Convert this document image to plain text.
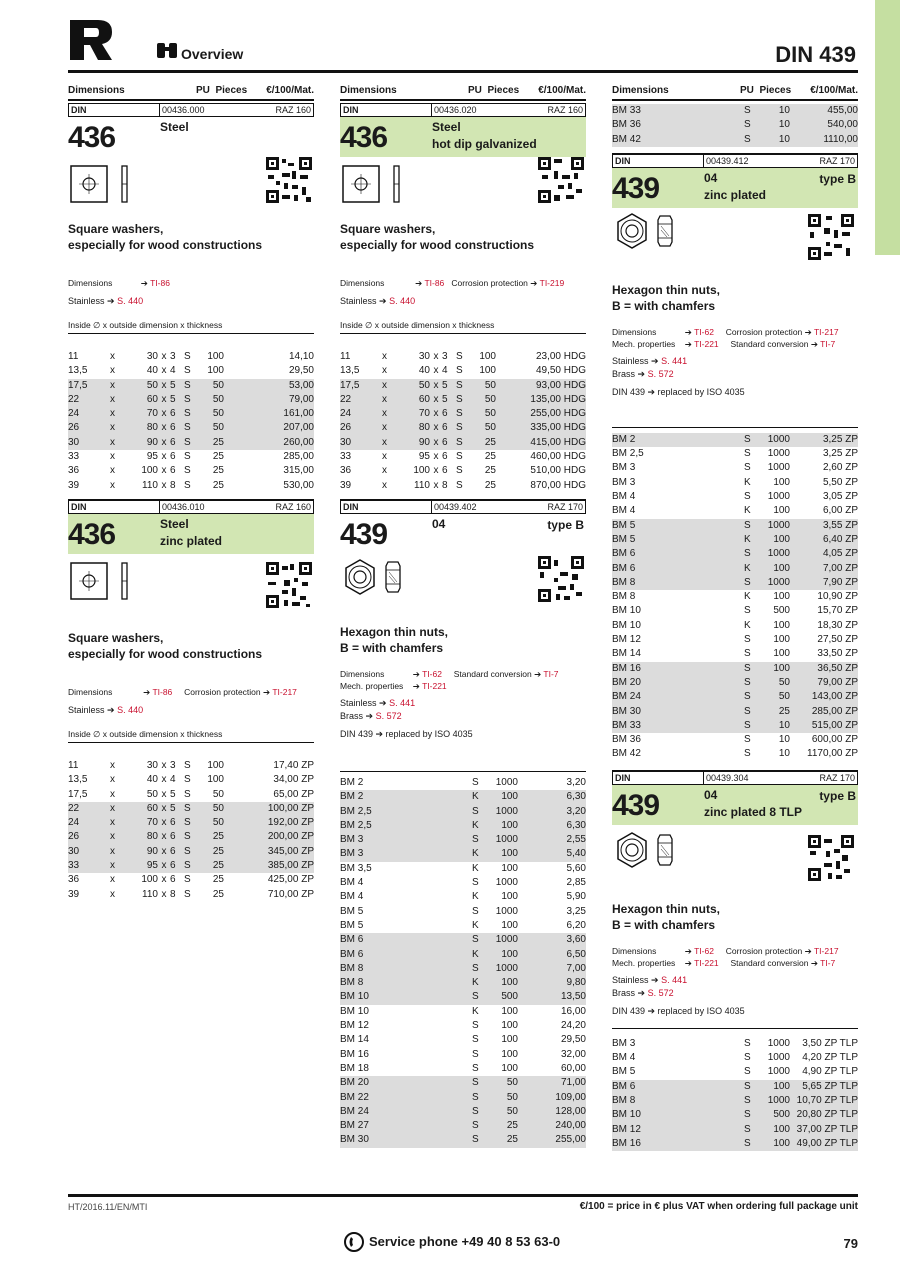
Overview	DIN 439
Dimensions	PU Pieces	€/100/Mat.
DIN	00436.000	RAZ 160
436	Steel
Square washers,
especially for wood constructions
Dimensions            ➔ TI-86
Stainless ➔ S. 440
Inside ∅ x outside dimension x thickness
11	x	30 x 3 S	100	14,10
13,5	x	40 x 4 S	100	29,50
17,5	x	50 x 5 S	50	53,00
22	x	60 x 5 S	50	79,00
24	x	70 x 6 S	50	161,00
26	x	80 x 6 S	50	207,00
30	x	90 x 6 S	25	260,00
33	x	95 x 6 S	25	285,00
36	x	100 x 6 S	25	315,00
39	x	110 x 8 S	25	530,00
DIN	00436.010	RAZ 160
436	Steel
zinc plated
Square washers,
especially for wood constructions
Dimensions             ➔ TI-86 Corrosion protection ➔ TI-217
Stainless ➔ S. 440
Inside ∅ x outside dimension x thickness
11	x	30 x 3 S	100	17,40 ZP
13,5	x	40 x 4 S	100	34,00 ZP
17,5	x	50 x 5 S	50	65,00 ZP
22	x	60 x 5 S	50	100,00 ZP
24	x	70 x 6 S	50	192,00 ZP
26	x	80 x 6 S	25	200,00 ZP
30	x	90 x 6 S	25	345,00 ZP
33	x	95 x 6 S	25	385,00 ZP
36	x	100 x 6 S	25	425,00 ZP
39	x	110 x 8 S	25	710,00 ZP
Dimensions	PU Pieces	€/100/Mat.
DIN	00436.020	RAZ 160
436	Steel
hot dip galvanized
Square washers,
especially for wood constructions
Dimensions             ➔ TI-86 Corrosion protection ➔ TI-219
Stainless ➔ S. 440
Inside ∅ x outside dimension x thickness
11	x	30 x 3 S	100	23,00 HDG
13,5	x	40 x 4 S	100	49,50 HDG
17,5	x	50 x 5 S	50	93,00 HDG
22	x	60 x 5 S	50	135,00 HDG
24	x	70 x 6 S	50	255,00 HDG
26	x	80 x 6 S	50	335,00 HDG
30	x	90 x 6 S	25	415,00 HDG
33	x	95 x 6 S	25	460,00 HDG
36	x	100 x 6 S	25	510,00 HDG
39	x	110 x 8 S	25	870,00 HDG
DIN	00439.402	RAZ 170
439	04	type B
Hexagon thin nuts,
B = with chamfers
Dimensions            ➔ TI-62 Standard conversion ➔ TI-7
Mech. properties    ➔ TI-221
Stainless ➔ S. 441
Brass ➔ S. 572
DIN 439 ➔ replaced by ISO 4035
BM 2	S	1000	3,20
BM 2	K	100	6,30
BM 2,5	S	1000	3,20
BM 2,5	K	100	6,30
BM 3	S	1000	2,55
BM 3	K	100	5,40
BM 3,5	K	100	5,60
BM 4	S	1000	2,85
BM 4	K	100	5,90
BM 5	S	1000	3,25
BM 5	K	100	6,20
BM 6	S	1000	3,60
BM 6	K	100	6,50
BM 8	S	1000	7,00
BM 8	K	100	9,80
BM 10	S	500	13,50
BM 10	K	100	16,00
BM 12	S	100	24,20
BM 14	S	100	29,50
BM 16	S	100	32,00
BM 18	S	100	60,00
BM 20	S	50	71,00
BM 22	S	50	109,00
BM 24	S	50	128,00
BM 27	S	25	240,00
BM 30	S	25	255,00
Dimensions	PU Pieces	€/100/Mat.
BM 33	S	10	455,00
BM 36	S	10	540,00
BM 42	S	10	1110,00
DIN	00439.412	RAZ 170
439	04
zinc plated
type B
Hexagon thin nuts,
B = with chamfers
Dimensions            ➔ TI-62 Corrosion protection ➔ TI-217
Mech. properties    ➔ TI-221 Standard conversion ➔ TI-7
Stainless ➔ S. 441
Brass ➔ S. 572
DIN 439 ➔ replaced by ISO 4035
BM 2	S	1000	3,25 ZP
BM 2,5	S	1000	3,25 ZP
BM 3	S	1000	2,60 ZP
BM 3	K	100	5,50 ZP
BM 4	S	1000	3,05 ZP
BM 4	K	100	6,00 ZP
BM 5	S	1000	3,55 ZP
BM 5	K	100	6,40 ZP
BM 6	S	1000	4,05 ZP
BM 6	K	100	7,00 ZP
BM 8	S	1000	7,90 ZP
BM 8	K	100	10,90 ZP
BM 10	S	500	15,70 ZP
BM 10	K	100	18,30 ZP
BM 12	S	100	27,50 ZP
BM 14	S	100	33,50 ZP
BM 16	S	100	36,50 ZP
BM 20	S	50	79,00 ZP
BM 24	S	50	143,00 ZP
BM 30	S	25	285,00 ZP
BM 33	S	10	515,00 ZP
BM 36	S	10	600,00 ZP
BM 42	S	10	1170,00 ZP
DIN	00439.304	RAZ 170
439	04
zinc plated 8 TLP
type B
Hexagon thin nuts,
B = with chamfers
Dimensions            ➔ TI-62 Corrosion protection ➔ TI-217
Mech. properties    ➔ TI-221 Standard conversion ➔ TI-7
Stainless ➔ S. 441
Brass ➔ S. 572
DIN 439 ➔ replaced by ISO 4035
BM 3	S	1000	3,50 ZP TLP
BM 4	S	1000	4,20 ZP TLP
BM 5	S	1000	4,90 ZP TLP
BM 6	S	100	5,65 ZP TLP
BM 8	S	1000 10,70 ZP TLP
BM 10	S	500 20,80 ZP TLP
BM 12	S	100 37,00 ZP TLP
BM 16	S	100 49,00 ZP TLP
HT/2016.11/EN/MTI	€/100 = price in € plus VAT when ordering full package unit
Service phone +49 40 8 53 63-0	79
